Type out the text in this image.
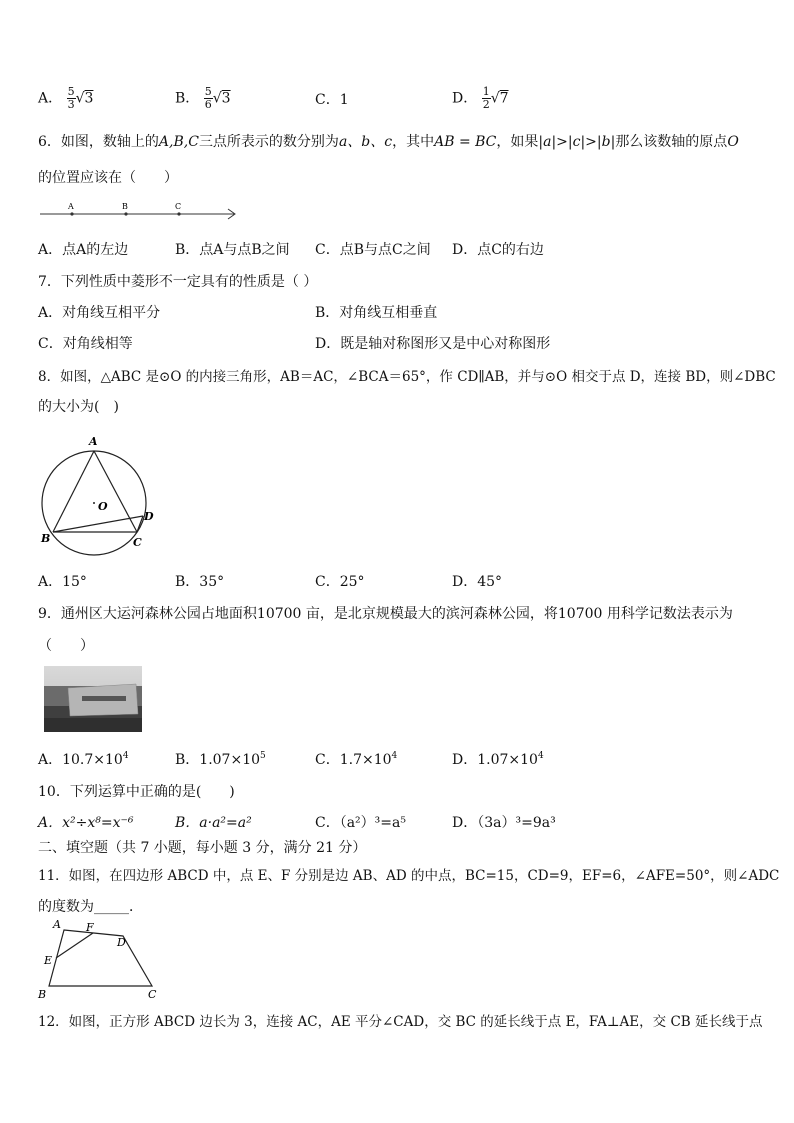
A． $\frac{5}{3} √3$	B． $\frac{5}{6} √3$	C．1	D． $\frac{1}{2} √7$
6．如图，数轴上的A,B,C三点所表示的数分别为a、b、c，其中AB = BC，如果|a|>|c|>|b|那么该数轴的原点O
的位置应该在（　　）
A	B	C
A．点A的左边	B．点A与点B之间 C．点B与点C之间 D．点C的右边
7．下列性质中菱形不一定具有的性质是（ ）
A．对角线互相平分	B．对角线互相垂直
C．对角线相等	D．既是轴对称图形又是中心对称图形
8．如图，△ABC 是⊙O 的内接三角形，AB＝AC，∠BCA＝65°，作 CD∥AB，并与⊙O 相交于点 D，连接 BD，则∠DBC
的大小为(　)
A
O
D
B	C
A．15°	B．35°	C．25°	D．45°
9．通州区大运河森林公园占地面积10700 亩，是北京规模最大的滨河森林公园，将10700 用科学记数法表示为
（　　）
A．$10.7\times 10^4$	B．$1.07\times 10^5$	C．$1.7\times 10^4$	D．$1.07\times 10^4$
10．下列运算中正确的是(　　)
A．x²÷x⁸=x⁻⁶	B．a·a²=a²	C．（a²）³=a⁵	D．（3a）³=9a³
二、填空题（共 7 小题，每小题 3 分，满分 21 分）
11．如图，在四边形 ABCD 中，点 E、F 分别是边 AB、AD 的中点，BC=15，CD=9，EF=6，∠AFE=50°，则∠ADC
的度数为_____．
A F
D
E
B	C
12．如图，正方形 ABCD 边长为 3，连接 AC，AE 平分∠CAD，交 BC 的延长线于点 E，FA⊥AE，交 CB 延长线于点
